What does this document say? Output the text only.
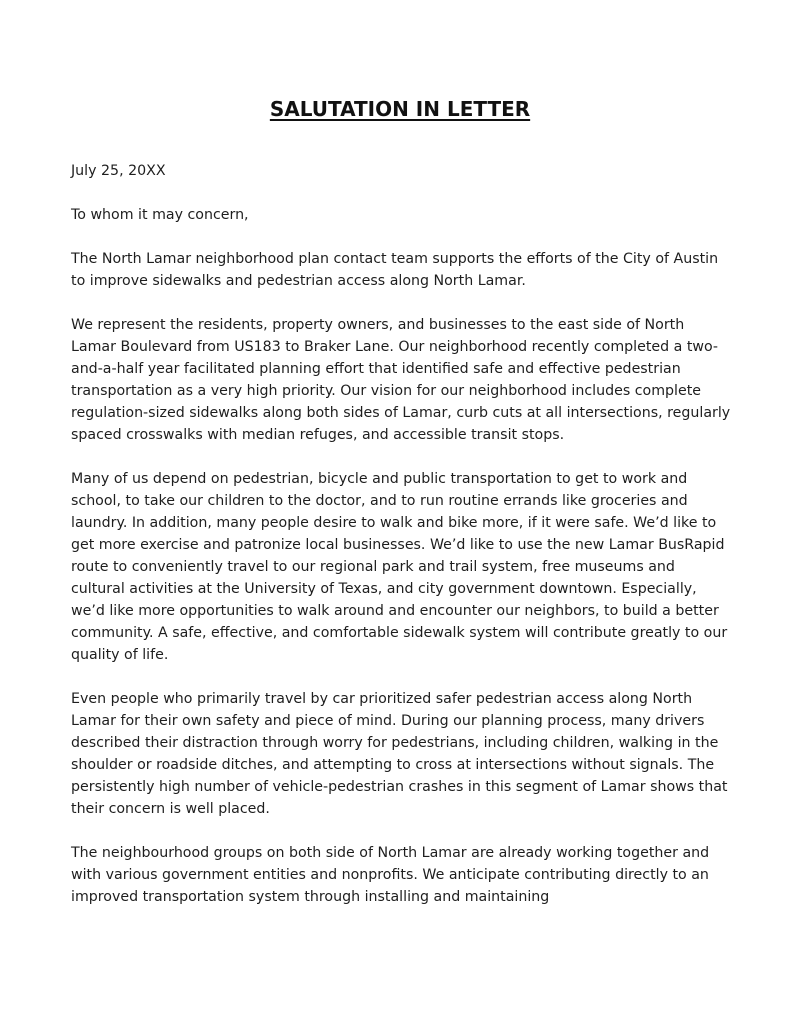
SALUTATION IN LETTER

July 25, 20XX

To whom it may concern,

The North Lamar neighborhood plan contact team supports the efforts of the City of Austin to improve sidewalks and pedestrian access along North Lamar.

We represent the residents, property owners, and businesses to the east side of North Lamar Boulevard from US183 to Braker Lane. Our neighborhood recently completed a two-and-a-half year facilitated planning effort that identified safe and effective pedestrian transportation as a very high priority. Our vision for our neighborhood includes complete regulation-sized sidewalks along both sides of Lamar, curb cuts at all intersections, regularly spaced crosswalks with median refuges, and accessible transit stops.

Many of us depend on pedestrian, bicycle and public transportation to get to work and school, to take our children to the doctor, and to run routine errands like groceries and laundry. In addition, many people desire to walk and bike more, if it were safe. We’d like to get more exercise and patronize local businesses. We’d like to use the new Lamar BusRapid route to conveniently travel to our regional park and trail system, free museums and cultural activities at the University of Texas, and city government downtown. Especially, we’d like more opportunities to walk around and encounter our neighbors, to build a better community. A safe, effective, and comfortable sidewalk system will contribute greatly to our quality of life.

Even people who primarily travel by car prioritized safer pedestrian access along North Lamar for their own safety and piece of mind. During our planning process, many drivers described their distraction through worry for pedestrians, including children, walking in the shoulder or roadside ditches, and attempting to cross at intersections without signals. The persistently high number of vehicle-pedestrian crashes in this segment of Lamar shows that their concern is well placed.

The neighbourhood groups on both side of North Lamar are already working together and with various government entities and nonprofits. We anticipate contributing directly to an improved transportation system through installing and maintaining
